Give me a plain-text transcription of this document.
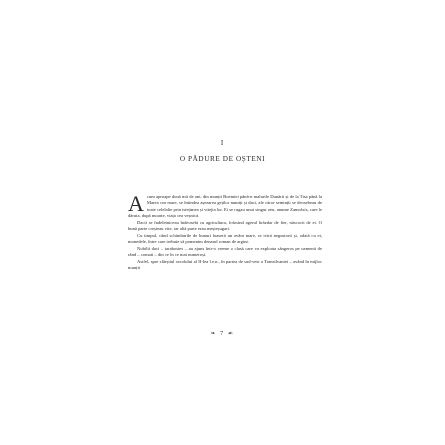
I
O PĂDURE DE OȘTENI

Acum aproape două mii de ani, din munții Boemiei până-n malurile Dunării și de la Tisa până la Marea cea mare, se întindea așezarea geților numiți și daci, ale căror seminții se deosebeau de toate celelalte prin istețimea și vitejia lor. Ei se rugau unui singur zeu, anume Zamolxis, care le dăruia, după moarte, viața cea veșnică.

Dacii se îndeletniceau îndeosebi cu agricultura, folosind agerul brăzdar de fier, născocit de ei. O bună parte creșteau vite, iar altă parte erau meșteșugari.

Cu timpul, când schimburile de bunuri luaseră un avânt mare, se ivirá negustorii și, odată cu ei, monedele, între care trebuie să pomenim denarul roman de argint.

Nobilii daci – tarabostes – au ajuns într-o vreme o clasă care va exploata sângeros pe oamenii de rând – comati – din ce în ce mai numeroși.

Astfel, spre sfârșitul secolului al II-lea î.e.n., în partea de sud-vest a Transilvaniei – având în mijloc munții

❧ 7 ☙
